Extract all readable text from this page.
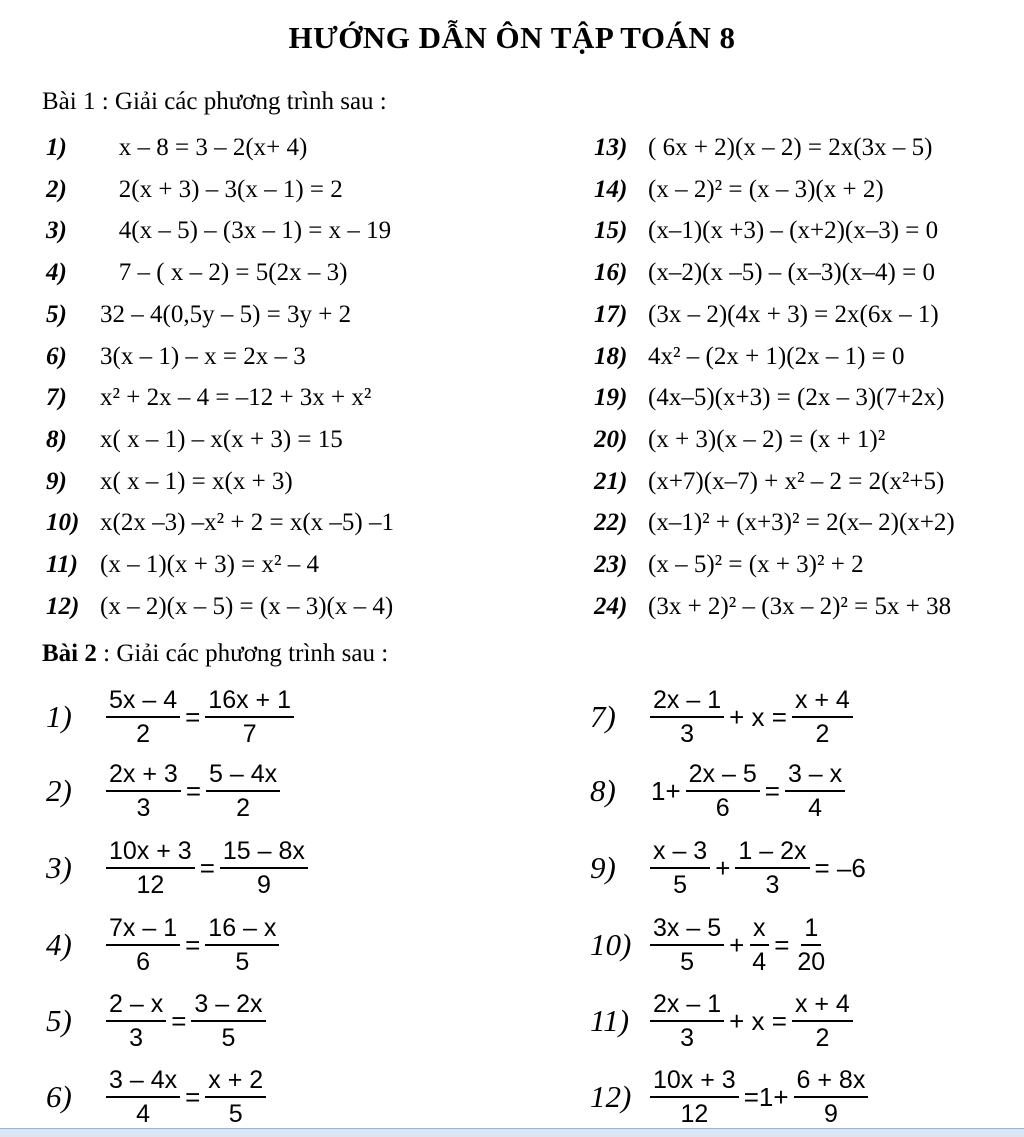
HƯỚNG DẪN ÔN TẬP TOÁN 8
Bài 1 : Giải các phương trình sau :
1)   x – 8 = 3 – 2(x+ 4)
2)   2(x + 3) – 3(x – 1) = 2
3)   4(x – 5) – (3x – 1) = x – 19
4)   7 – ( x – 2) = 5(2x – 3)
5) 32 – 4(0,5y – 5) = 3y + 2
6) 3(x – 1) – x = 2x – 3
7) x² + 2x – 4 = –12 + 3x + x²
8) x( x – 1) – x(x + 3) = 15
9) x( x – 1) = x(x + 3)
10) x(2x –3) –x² + 2 = x(x –5) –1
11) (x – 1)(x + 3) = x² – 4
12) (x – 2)(x – 5) = (x – 3)(x – 4)
13) ( 6x + 2)(x – 2) = 2x(3x – 5)
14) (x – 2)² = (x – 3)(x + 2)
15) (x–1)(x +3) – (x+2)(x–3) = 0
16) (x–2)(x –5) – (x–3)(x–4) = 0
17) (3x – 2)(4x + 3) = 2x(6x – 1)
18) 4x² – (2x + 1)(2x – 1) = 0
19) (4x–5)(x+3) = (2x – 3)(7+2x)
20) (x + 3)(x – 2) = (x + 1)²
21) (x+7)(x–7) + x² – 2 = 2(x²+5)
22) (x–1)² + (x+3)² = 2(x– 2)(x+2)
23) (x – 5)² = (x + 3)² + 2
24) (3x + 2)² – (3x – 2)² = 5x + 38
Bài 2 : Giải các phương trình sau :
1)	$\frac{5x - 4}{2} = \frac{16x + 1}{7}$
2)	$\frac{2x + 3}{3} = \frac{5 - 4x}{2}$
3)	$\frac{10x + 3}{12} = \frac{15 - 8x}{9}$
4)	$\frac{7x - 1}{6} = \frac{16 - x}{5}$
5)	$\frac{2 - x}{3} = \frac{3 - 2x}{5}$
6)	$\frac{3 - 4x}{4} = \frac{x + 2}{5}$
7)	$\frac{2x - 1}{3} + x = \frac{x + 4}{2}$
8)	$1+ \frac{2x - 5}{6} = \frac{3 - x}{4}$
9)	$\frac{x - 3}{5} + \frac{1 - 2x}{3} = -6$
$10) \frac{3x - 5}{5} + \frac{x}{4} = \frac{1}{20}$
$11) \frac{2x - 1}{3} + x = \frac{x + 4}{2}$
$12) \frac{10x + 3}{12} =1+ \frac{6 + 8x}{9}$
